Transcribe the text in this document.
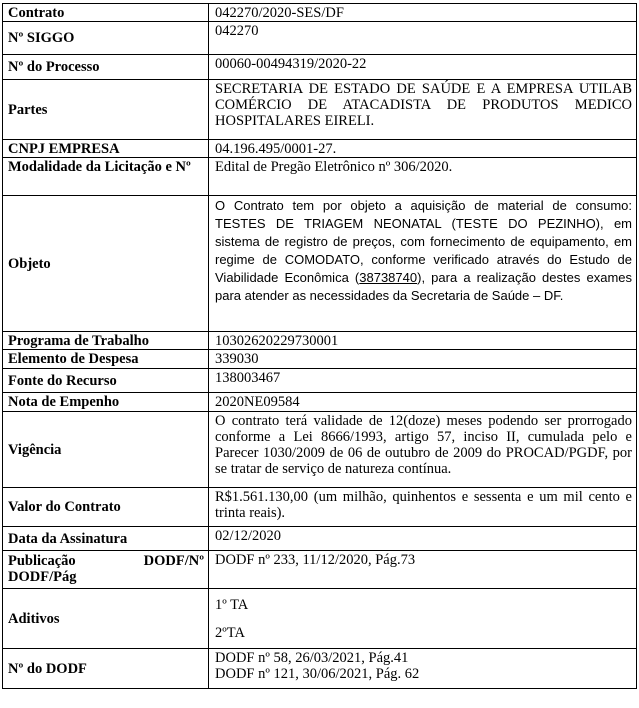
Contrato	042270/2020-SES/DF
Nº SIGGO	042270
Nº do Processo	00060-00494319/2020-22
Partes	SECRETARIA DE ESTADO DE SAÚDE E A EMPRESA UTILAB COMÉRCIO DE ATACADISTA DE PRODUTOS MEDICO HOSPITALARES EIRELI.
CNPJ EMPRESA	04.196.495/0001-27.
Modalidade da Licitação e Nº	Edital de Pregão Eletrônico nº 306/2020.
Objeto	O Contrato tem por objeto a aquisição de material de consumo: TESTES DE TRIAGEM NEONATAL (TESTE DO PEZINHO), em sistema de registro de preços, com fornecimento de equipamento, em regime de COMODATO, conforme verificado através do Estudo de Viabilidade Econômica (38738740), para a realização destes exames para atender as necessidades da Secretaria de Saúde – DF.

Programa de Trabalho	10302620229730001
Elemento de Despesa	339030
Fonte do Recurso	138003467
Nota de Empenho	2020NE09584
Vigência	O contrato terá validade de 12(doze) meses podendo ser prorrogado conforme a Lei 8666/1993, artigo 57, inciso II, cumulada pelo e Parecer 1030/2009 de 06 de outubro de 2009 do PROCAD/PGDF, por se tratar de serviço de natureza contínua.
Valor do Contrato	R$1.561.130,00 (um milhão, quinhentos e sessenta e um mil cento e trinta reais).
Data da Assinatura	02/12/2020

Publicação DODF/Nº
DODF/Pág	DODF nº 233, 11/12/2020, Pág.73
Aditivos	1º TA
2ºTA

Nº do DODF	DODF nº 58, 26/03/2021, Pág.41
DODF nº 121, 30/06/2021, Pág. 62
